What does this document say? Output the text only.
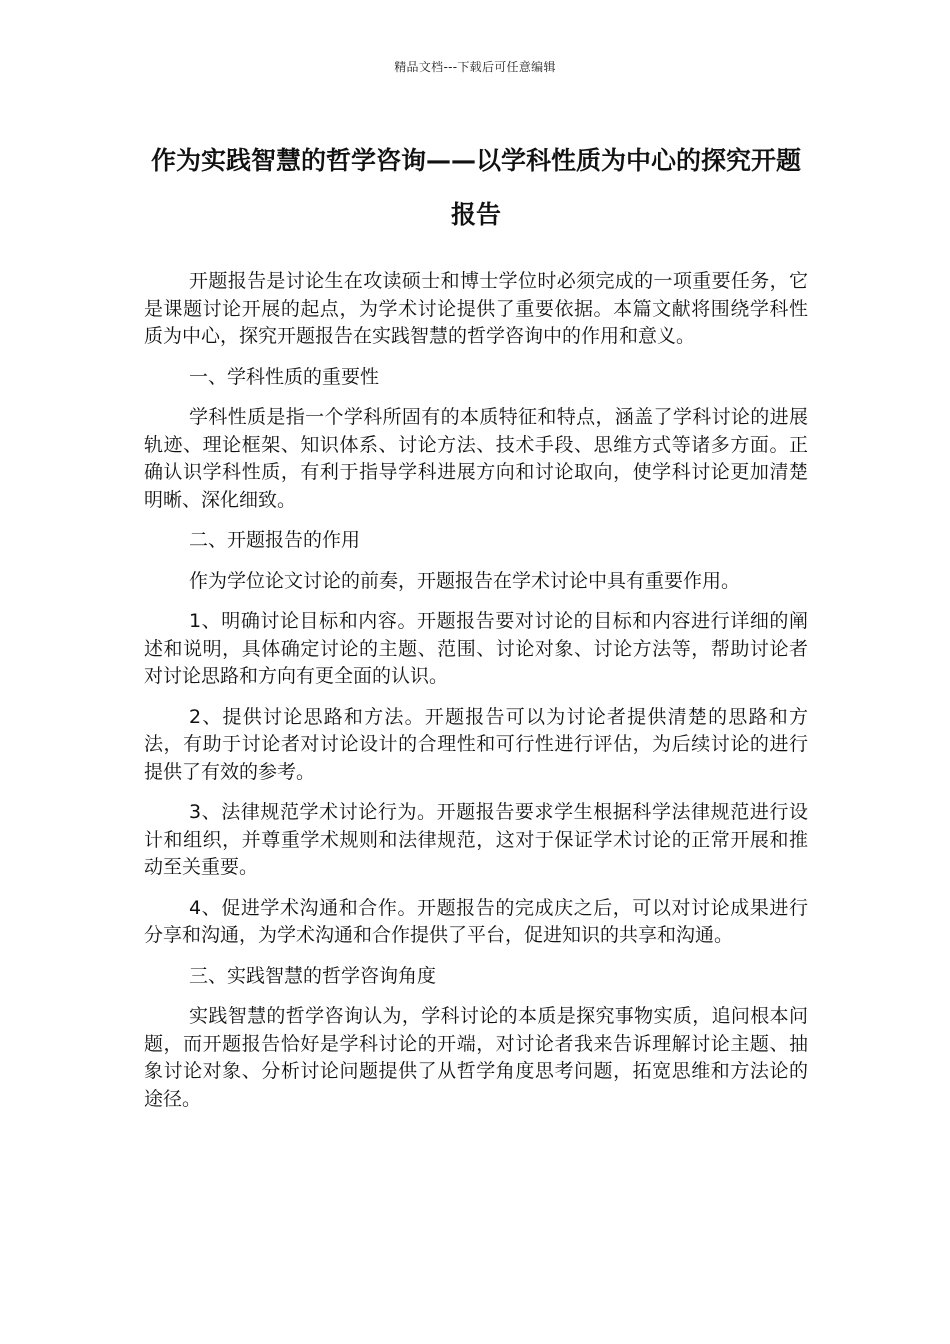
精品文档---下载后可任意编辑
作为实践智慧的哲学咨询——以学科性质为中心的探究开题报告

开题报告是讨论生在攻读硕士和博士学位时必须完成的一项重要任务，它是课题讨论开展的起点，为学术讨论提供了重要依据。本篇文献将围绕学科性质为中心，探究开题报告在实践智慧的哲学咨询中的作用和意义。

一、学科性质的重要性

学科性质是指一个学科所固有的本质特征和特点，涵盖了学科讨论的进展轨迹、理论框架、知识体系、讨论方法、技术手段、思维方式等诸多方面。正确认识学科性质，有利于指导学科进展方向和讨论取向，使学科讨论更加清楚明晰、深化细致。

二、开题报告的作用

作为学位论文讨论的前奏，开题报告在学术讨论中具有重要作用。

1、明确讨论目标和内容。开题报告要对讨论的目标和内容进行详细的阐述和说明，具体确定讨论的主题、范围、讨论对象、讨论方法等，帮助讨论者对讨论思路和方向有更全面的认识。

2、提供讨论思路和方法。开题报告可以为讨论者提供清楚的思路和方法，有助于讨论者对讨论设计的合理性和可行性进行评估，为后续讨论的进行提供了有效的参考。

3、法律规范学术讨论行为。开题报告要求学生根据科学法律规范进行设计和组织，并尊重学术规则和法律规范，这对于保证学术讨论的正常开展和推动至关重要。

4、促进学术沟通和合作。开题报告的完成庆之后，可以对讨论成果进行分享和沟通，为学术沟通和合作提供了平台，促进知识的共享和沟通。

三、实践智慧的哲学咨询角度

实践智慧的哲学咨询认为，学科讨论的本质是探究事物实质，追问根本问题，而开题报告恰好是学科讨论的开端，对讨论者我来告诉理解讨论主题、抽象讨论对象、分析讨论问题提供了从哲学角度思考问题，拓宽思维和方法论的途径。
